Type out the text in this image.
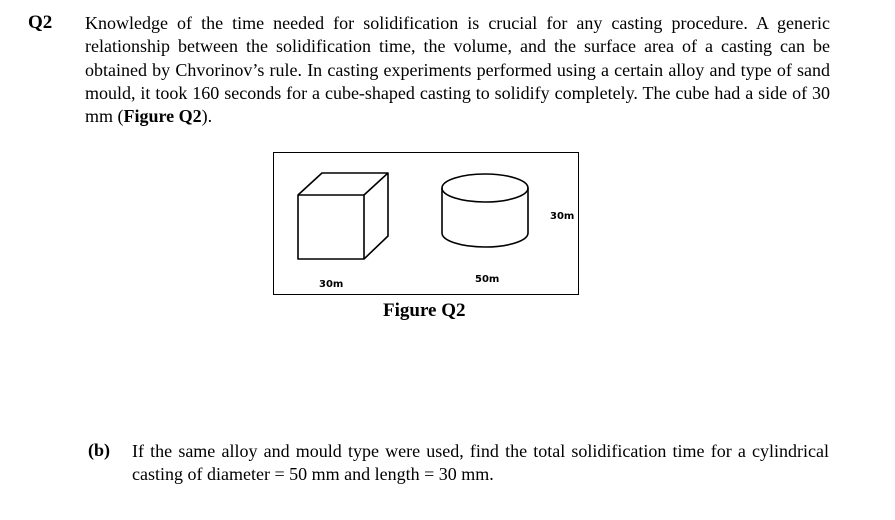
Q2 Knowledge of the time needed for solidification is crucial for any casting procedure. A generic relationship between the solidification time, the volume, and the surface area of a casting can be obtained by Chvorinov’s rule. In casting experiments performed using a certain alloy and type of sand mould, it took 160 seconds for a cube-shaped casting to solidify completely. The cube had a side of 30 mm (Figure Q2).

30m	50m
30m
Figure Q2
(b) If the same alloy and mould type were used, find the total solidification time for a cylindrical casting of diameter = 50 mm and length = 30 mm.
